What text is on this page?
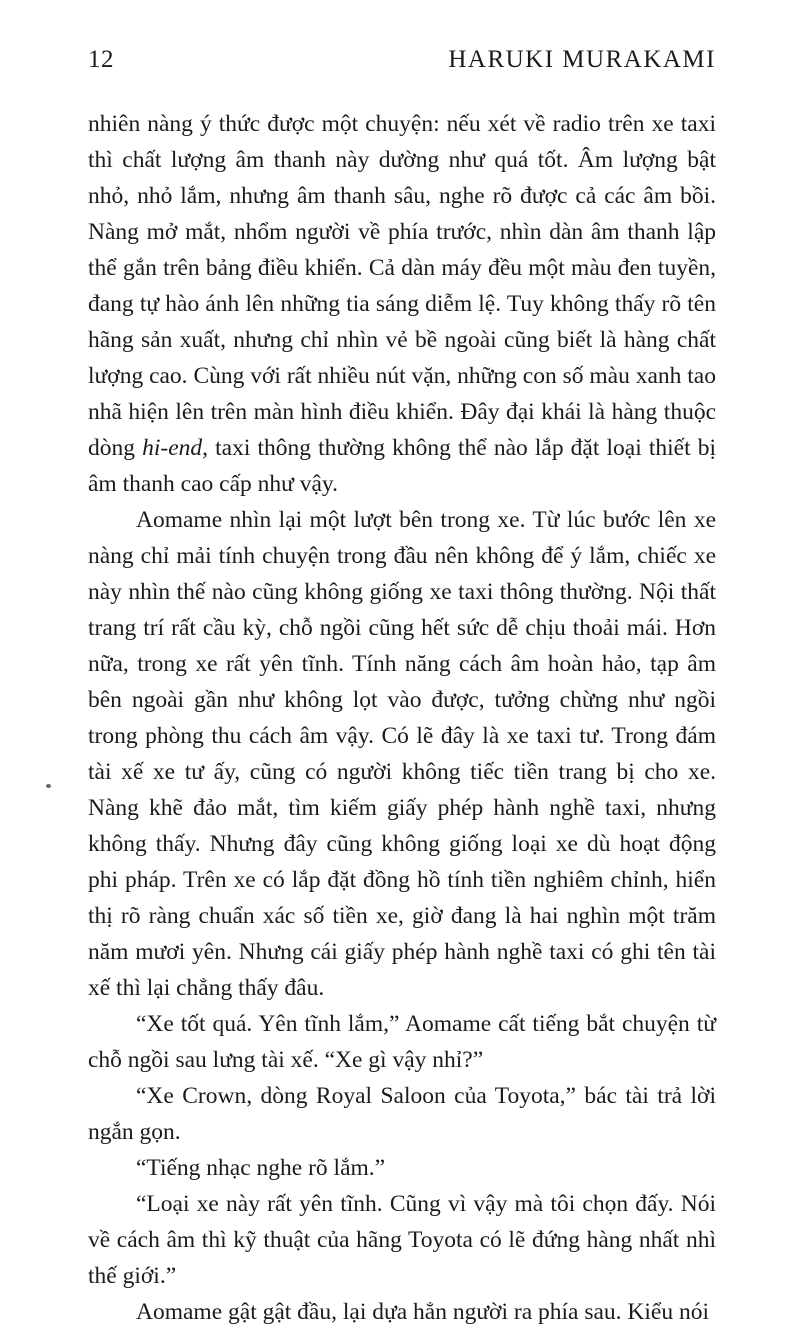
12	HARUKI MURAKAMI

nhiên nàng ý thức được một chuyện: nếu xét về radio trên xe taxi thì chất lượng âm thanh này dường như quá tốt. Âm lượng bật nhỏ, nhỏ lắm, nhưng âm thanh sâu, nghe rõ được cả các âm bồi. Nàng mở mắt, nhổm người về phía trước, nhìn dàn âm thanh lập thể gắn trên bảng điều khiển. Cả dàn máy đều một màu đen tuyền, đang tự hào ánh lên những tia sáng diễm lệ. Tuy không thấy rõ tên hãng sản xuất, nhưng chỉ nhìn vẻ bề ngoài cũng biết là hàng chất lượng cao. Cùng với rất nhiều nút vặn, những con số màu xanh tao nhã hiện lên trên màn hình điều khiển. Đây đại khái là hàng thuộc dòng hi-end, taxi thông thường không thể nào lắp đặt loại thiết bị âm thanh cao cấp như vậy.

Aomame nhìn lại một lượt bên trong xe. Từ lúc bước lên xe nàng chỉ mải tính chuyện trong đầu nên không để ý lắm, chiếc xe này nhìn thế nào cũng không giống xe taxi thông thường. Nội thất trang trí rất cầu kỳ, chỗ ngồi cũng hết sức dễ chịu thoải mái. Hơn nữa, trong xe rất yên tĩnh. Tính năng cách âm hoàn hảo, tạp âm bên ngoài gần như không lọt vào được, tưởng chừng như ngồi trong phòng thu cách âm vậy. Có lẽ đây là xe taxi tư. Trong đám tài xế xe tư ấy, cũng có người không tiếc tiền trang bị cho xe. Nàng khẽ đảo mắt, tìm kiếm giấy phép hành nghề taxi, nhưng không thấy. Nhưng đây cũng không giống loại xe dù hoạt động phi pháp. Trên xe có lắp đặt đồng hồ tính tiền nghiêm chỉnh, hiển thị rõ ràng chuẩn xác số tiền xe, giờ đang là hai nghìn một trăm năm mươi yên. Nhưng cái giấy phép hành nghề taxi có ghi tên tài xế thì lại chẳng thấy đâu.

“Xe tốt quá. Yên tĩnh lắm,” Aomame cất tiếng bắt chuyện từ chỗ ngồi sau lưng tài xế. “Xe gì vậy nhỉ?”

“Xe Crown, dòng Royal Saloon của Toyota,” bác tài trả lời ngắn gọn.

“Tiếng nhạc nghe rõ lắm.”

“Loại xe này rất yên tĩnh. Cũng vì vậy mà tôi chọn đấy. Nói về cách âm thì kỹ thuật của hãng Toyota có lẽ đứng hàng nhất nhì thế giới.”

Aomame gật gật đầu, lại dựa hẳn người ra phía sau. Kiểu nói
